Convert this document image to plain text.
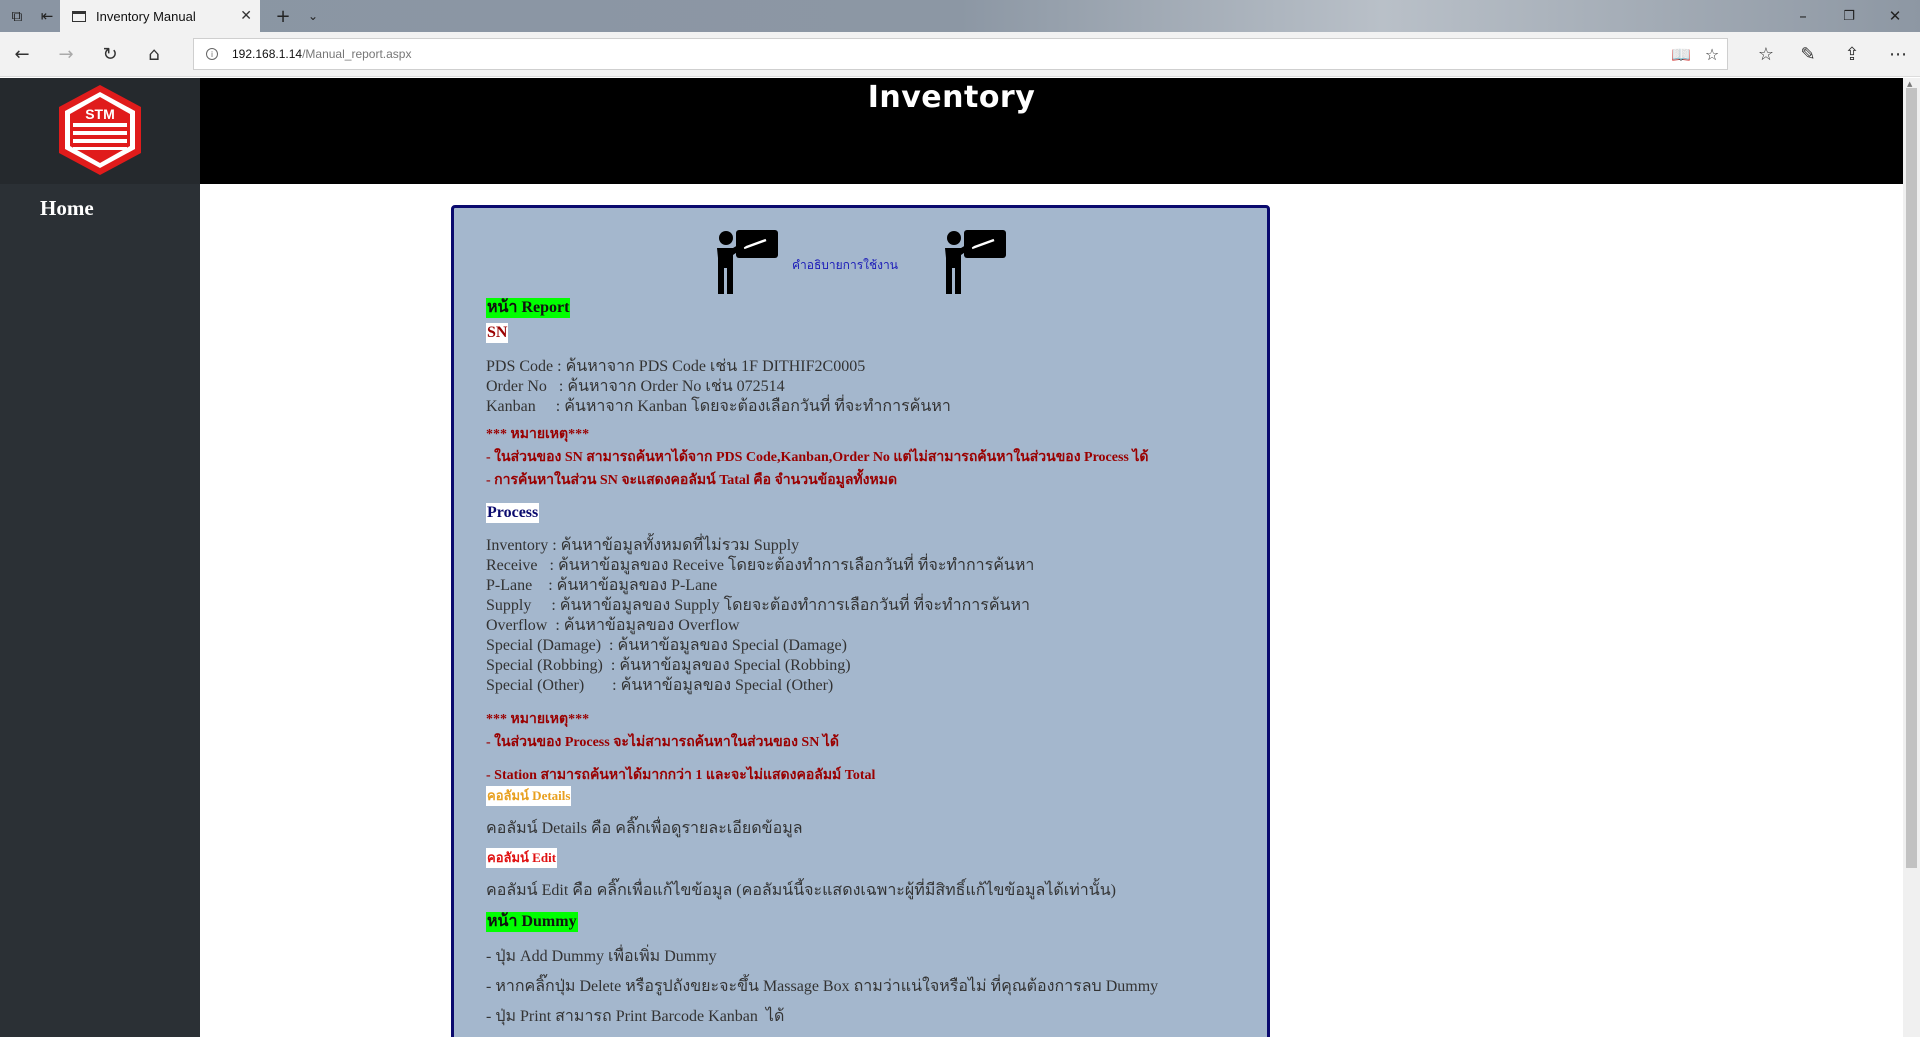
⧉	⇤	Inventory Manual	✕ +	⌄	–	❐	✕
←	→	↻	⌂	i	192.168.1.14 /Manual_report.aspx	📖 ☆	☆	✎	⇪	⋯
STM
Home
Inventory
คำอธิบายการใช้งาน
หน้า Report
SN
PDS Code : ค้นหาจาก PDS Code เช่น 1F DITHIF2C0005
Order No   : ค้นหาจาก Order No เช่น 072514
Kanban     : ค้นหาจาก Kanban โดยจะต้องเลือกวันที่ ที่จะทำการค้นหา
*** หมายเหตุ***
- ในส่วนของ SN สามารถค้นหาได้จาก PDS Code,Kanban,Order No แต่ไม่สามารถค้นหาในส่วนของ Process ได้
- การค้นหาในส่วน SN จะแสดงคอลัมน์ Tatal คือ จำนวนข้อมูลทั้งหมด
Process
Inventory : ค้นหาข้อมูลทั้งหมดที่ไม่รวม Supply
Receive   : ค้นหาข้อมูลของ Receive โดยจะต้องทำการเลือกวันที่ ที่จะทำการค้นหา
P-Lane    : ค้นหาข้อมูลของ P-Lane
Supply     : ค้นหาข้อมูลของ Supply โดยจะต้องทำการเลือกวันที่ ที่จะทำการค้นหา
Overflow  : ค้นหาข้อมูลของ Overflow
Special (Damage)  : ค้นหาข้อมูลของ Special (Damage)
Special (Robbing)  : ค้นหาข้อมูลของ Special (Robbing)
Special (Other)       : ค้นหาข้อมูลของ Special (Other)
*** หมายเหตุ***
- ในส่วนของ Process จะไม่สามารถค้นหาในส่วนของ SN ได้
- Station สามารถค้นหาได้มากกว่า 1 และจะไม่แสดงคอลัมม์ Total
คอลัมน์ Details
คอลัมน์ Details คือ คลิ๊กเพื่อดูรายละเอียดข้อมูล
คอลัมน์ Edit
คอลัมน์ Edit คือ คลิ๊กเพื่อแก้ไขข้อมูล (คอลัมน์นี้จะแสดงเฉพาะผู้ที่มีสิทธิ์แก้ไขข้อมูลได้เท่านั้น)
หน้า Dummy
- ปุ่ม Add Dummy เพื่อเพิ่ม Dummy
- หากคลิ๊กปุ่ม Delete หรือรูปถังขยะจะขึ้น Massage Box ถามว่าแน่ใจหรือไม่ ที่คุณต้องการลบ Dummy
- ปุ่ม Print สามารถ Print Barcode Kanban  ได้
▲
